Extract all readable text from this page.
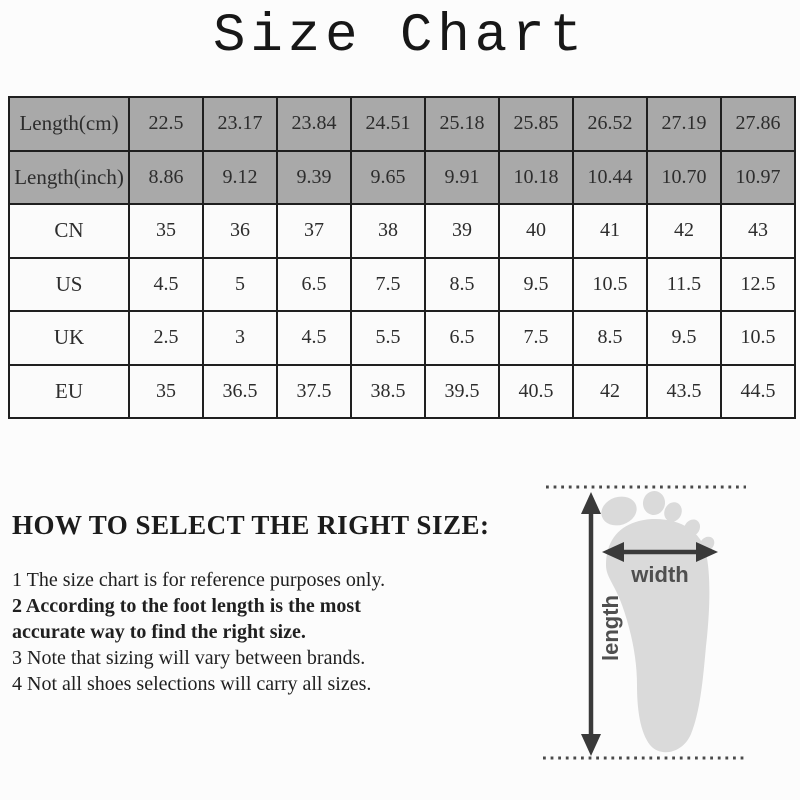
Size Chart
Length(cm)	22.5	23.17	23.84	24.51	25.18	25.85	26.52	27.19	27.86
Length(inch)	8.86	9.12	9.39	9.65	9.91	10.18	10.44	10.70	10.97
CN	35	36	37	38	39	40	41	42	43
US	4.5	5	6.5	7.5	8.5	9.5	10.5	11.5	12.5
UK	2.5	3	4.5	5.5	6.5	7.5	8.5	9.5	10.5
EU	35	36.5	37.5	38.5	39.5	40.5	42	43.5	44.5
HOW TO SELECT THE RIGHT SIZE:
1 The size chart is for reference purposes only.
2 According to the foot length is the most
accurate way to find the right size.
3 Note that sizing will vary between brands.
4 Not all shoes selections will carry all sizes.
width
length
